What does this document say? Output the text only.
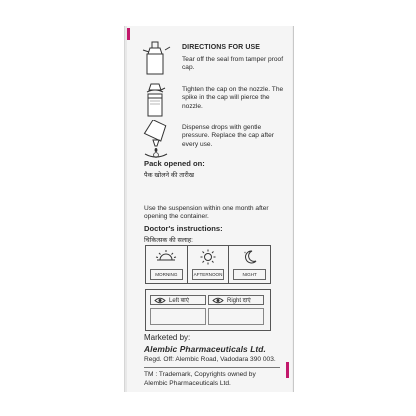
DIRECTIONS FOR USE
Tear off the seal from tamper proof cap.
Tighten the cap on the nozzle. The spike in the cap will pierce the nozzle.
Dispense drops with gentle pressure. Replace the cap after every use.
Pack opened on:
पैक खोलने की तारीख
Use the suspension within one month after opening the container.
Doctor's instructions:
चिकित्सक की सलाह:
MORNING	AFTERNOON
*
NIGHT
Left बाएं	Right दाएं
Marketed by:
Alembic Pharmaceuticals Ltd.
Regd. Off: Alembic Road, Vadodara 390 003.
TM : Trademark, Copyrights owned by
Alembic Pharmaceuticals Ltd.
